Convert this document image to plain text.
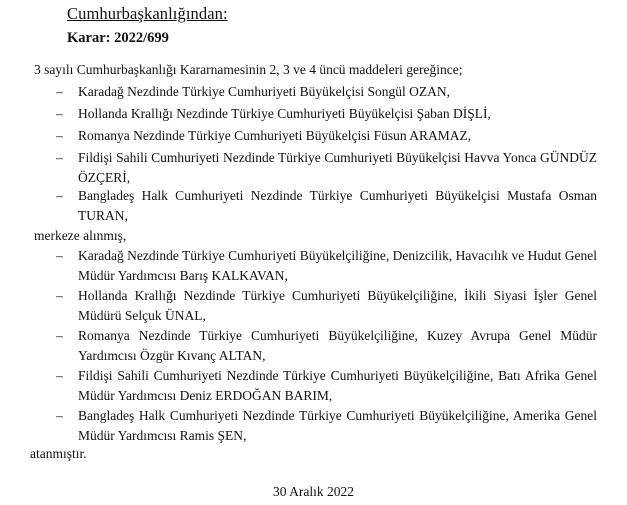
Cumhurbaşkanlığından:
Karar: 2022/699
3 sayılı Cumhurbaşkanlığı Kararnamesinin 2, 3 ve 4 üncü maddeleri gereğince;
– Karadağ Nezdinde Türkiye Cumhuriyeti Büyükelçisi Songül OZAN,
– Hollanda Krallığı Nezdinde Türkiye Cumhuriyeti Büyükelçisi Şaban DİŞLİ,
– Romanya Nezdinde Türkiye Cumhuriyeti Büyükelçisi Füsun ARAMAZ,
– Fildişi Sahili Cumhuriyeti Nezdinde Türkiye Cumhuriyeti Büyükelçisi Havva Yonca GÜNDÜZ ÖZÇERİ,
– Bangladeş Halk Cumhuriyeti Nezdinde Türkiye Cumhuriyeti Büyükelçisi Mustafa Osman TURAN,
merkeze alınmış,
– Karadağ Nezdinde Türkiye Cumhuriyeti Büyükelçiliğine, Denizcilik, Havacılık ve Hudut Genel Müdür Yardımcısı Barış KALKAVAN,
– Hollanda Krallığı Nezdinde Türkiye Cumhuriyeti Büyükelçiliğine, İkili Siyasi İşler Genel Müdürü Selçuk ÜNAL,
– Romanya Nezdinde Türkiye Cumhuriyeti Büyükelçiliğine, Kuzey Avrupa Genel Müdür Yardımcısı Özgür Kıvanç ALTAN,
– Fildişi Sahili Cumhuriyeti Nezdinde Türkiye Cumhuriyeti Büyükelçiliğine, Batı Afrika Genel Müdür Yardımcısı Deniz ERDOĞAN BARIM,
– Bangladeş Halk Cumhuriyeti Nezdinde Türkiye Cumhuriyeti Büyükelçiliğine, Amerika Genel Müdür Yardımcısı Ramis ŞEN,
atanmıştır.
30 Aralık 2022
